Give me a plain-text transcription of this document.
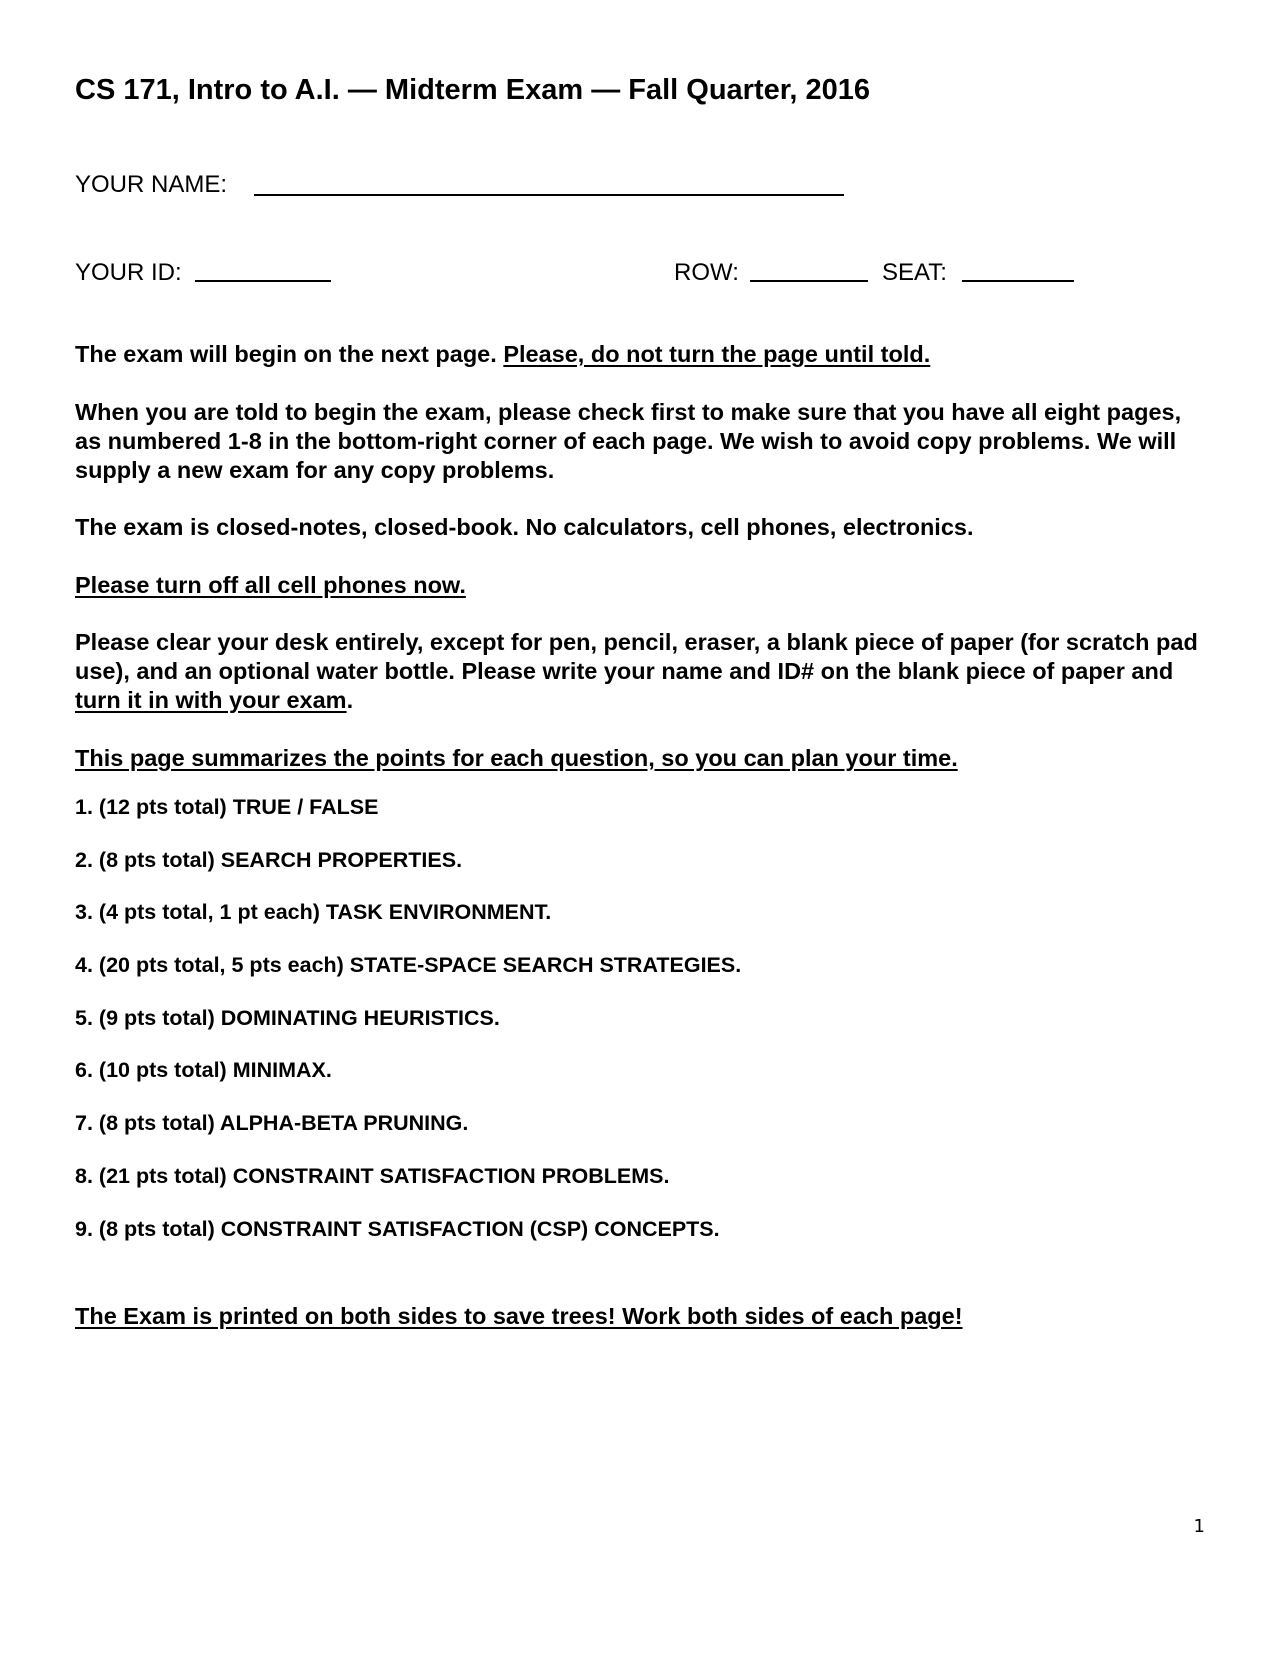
CS 171, Intro to A.I. — Midterm Exam — Fall Quarter, 2016
YOUR NAME:
YOUR ID:	ROW:	SEAT:
The exam will begin on the next page. Please, do not turn the page until told.
When you are told to begin the exam, please check first to make sure that you have all eight pages, as numbered 1-8 in the bottom-right corner of each page. We wish to avoid copy problems. We will supply a new exam for any copy problems.
The exam is closed-notes, closed-book. No calculators, cell phones, electronics.
Please turn off all cell phones now.
Please clear your desk entirely, except for pen, pencil, eraser, a blank piece of paper (for scratch pad use), and an optional water bottle. Please write your name and ID# on the blank piece of paper and turn it in with your exam.
This page summarizes the points for each question, so you can plan your time.
1. (12 pts total) TRUE / FALSE
2. (8 pts total) SEARCH PROPERTIES.
3. (4 pts total, 1 pt each) TASK ENVIRONMENT.
4. (20 pts total, 5 pts each) STATE-SPACE SEARCH STRATEGIES.
5. (9 pts total) DOMINATING HEURISTICS.
6. (10 pts total) MINIMAX.
7. (8 pts total) ALPHA-BETA PRUNING.
8. (21 pts total) CONSTRAINT SATISFACTION PROBLEMS.
9. (8 pts total) CONSTRAINT SATISFACTION (CSP) CONCEPTS.
The Exam is printed on both sides to save trees! Work both sides of each page!
1
